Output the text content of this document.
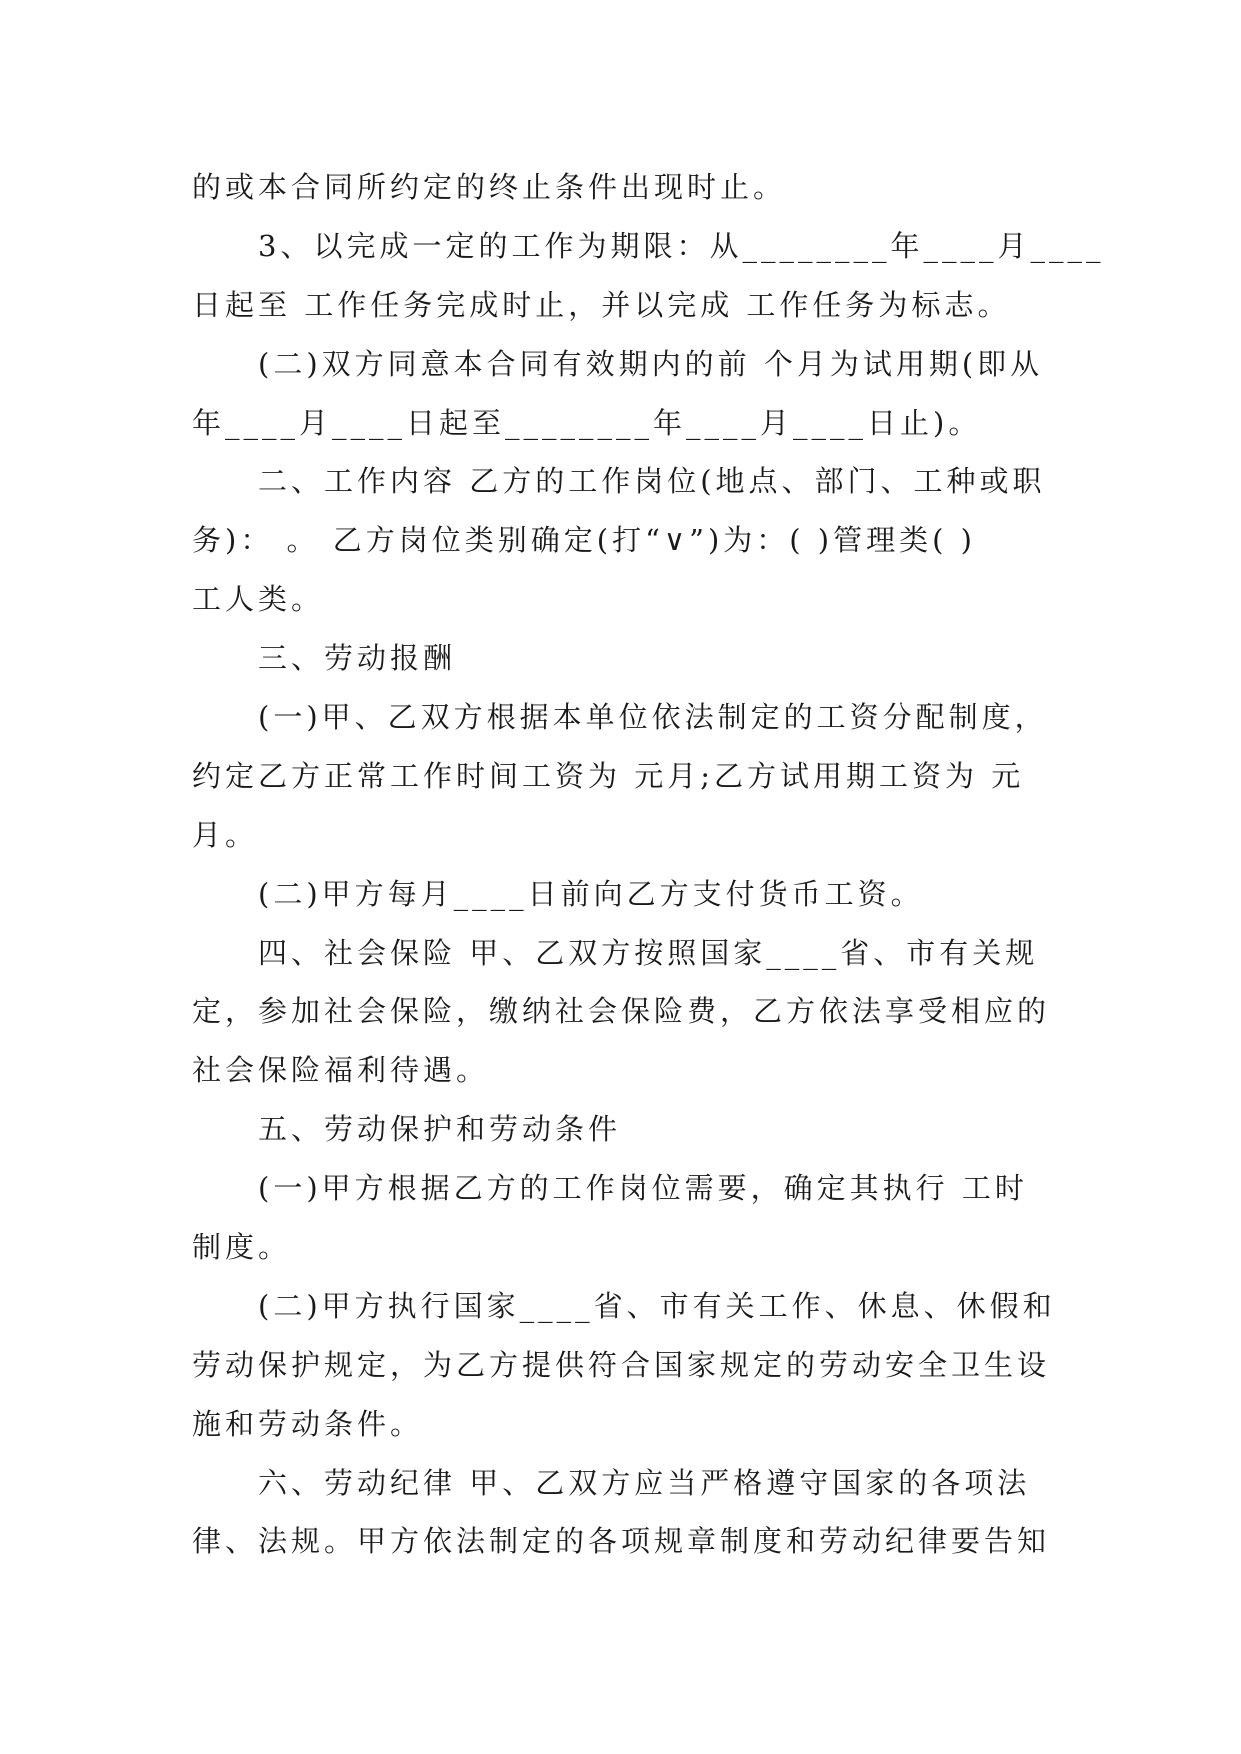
的或本合同所约定的终止条件出现时止。
3、以完成一定的工作为期限：从________年____月____
日起至 工作任务完成时止，并以完成 工作任务为标志。
(二)双方同意本合同有效期内的前 个月为试用期(即从
年____月____日起至________年____月____日止)。
二、工作内容 乙方的工作岗位(地点、部门、工种或职
务)： 。 乙方岗位类别确定(打“∨”)为：( )管理类( )
工人类。
三、劳动报酬
(一)甲、乙双方根据本单位依法制定的工资分配制度，
约定乙方正常工作时间工资为 元月;乙方试用期工资为 元
月。
(二)甲方每月____日前向乙方支付货币工资。
四、社会保险 甲、乙双方按照国家____省、市有关规
定，参加社会保险，缴纳社会保险费，乙方依法享受相应的
社会保险福利待遇。
五、劳动保护和劳动条件
(一)甲方根据乙方的工作岗位需要，确定其执行 工时
制度。
(二)甲方执行国家____省、市有关工作、休息、休假和
劳动保护规定，为乙方提供符合国家规定的劳动安全卫生设
施和劳动条件。
六、劳动纪律 甲、乙双方应当严格遵守国家的各项法
律、法规。甲方依法制定的各项规章制度和劳动纪律要告知
